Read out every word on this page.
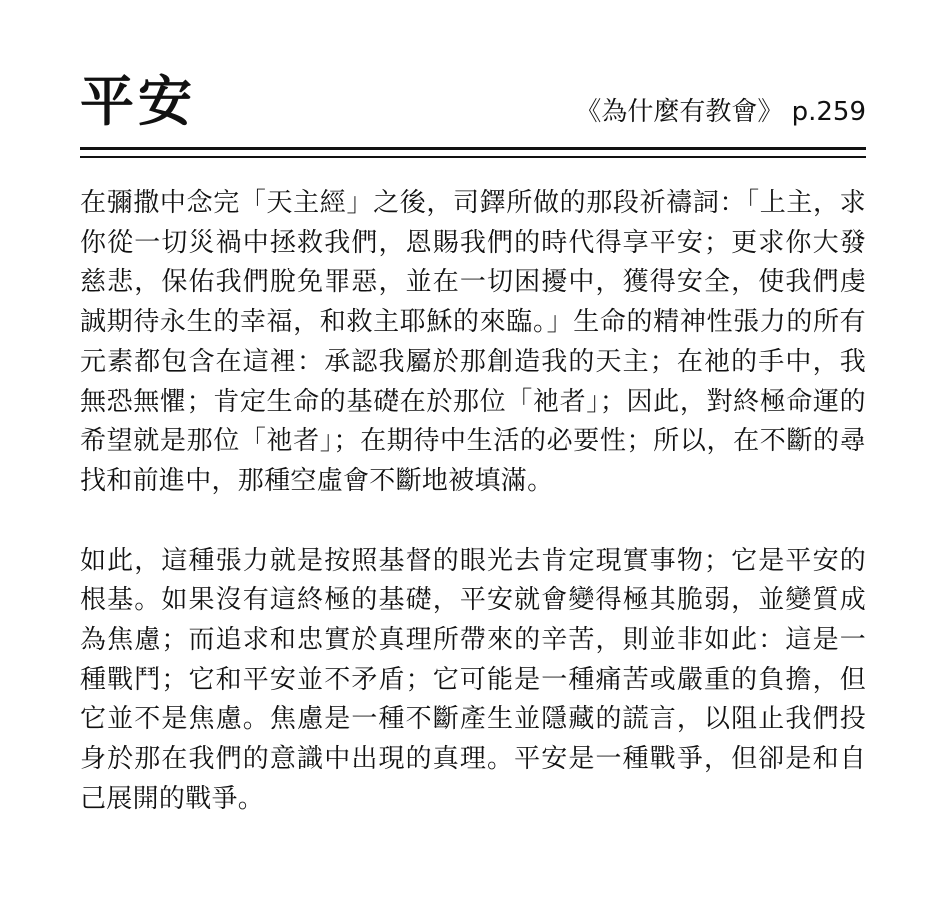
平安	《為什麼有教會》 p.259

在彌撒中念完「天主經」之後，司鐸所做的那段祈禱詞：「上主，求你從一切災禍中拯救我們，恩賜我們的時代得享平安；更求你大發慈悲，保佑我們脫免罪惡，並在一切困擾中，獲得安全，使我們虔誠期待永生的幸福，和救主耶穌的來臨。」生命的精神性張力的所有元素都包含在這裡：承認我屬於那創造我的天主；在祂的手中，我無恐無懼；肯定生命的基礎在於那位「祂者」；因此，對終極命運的希望就是那位「祂者」；在期待中生活的必要性；所以，在不斷的尋找和前進中，那種空虛會不斷地被填滿。

如此，這種張力就是按照基督的眼光去肯定現實事物；它是平安的根基。如果沒有這終極的基礎，平安就會變得極其脆弱，並變質成為焦慮；而追求和忠實於真理所帶來的辛苦，則並非如此：這是一種戰鬥；它和平安並不矛盾；它可能是一種痛苦或嚴重的負擔，但它並不是焦慮。焦慮是一種不斷產生並隱藏的謊言，以阻止我們投身於那在我們的意識中出現的真理。平安是一種戰爭，但卻是和自己展開的戰爭。
